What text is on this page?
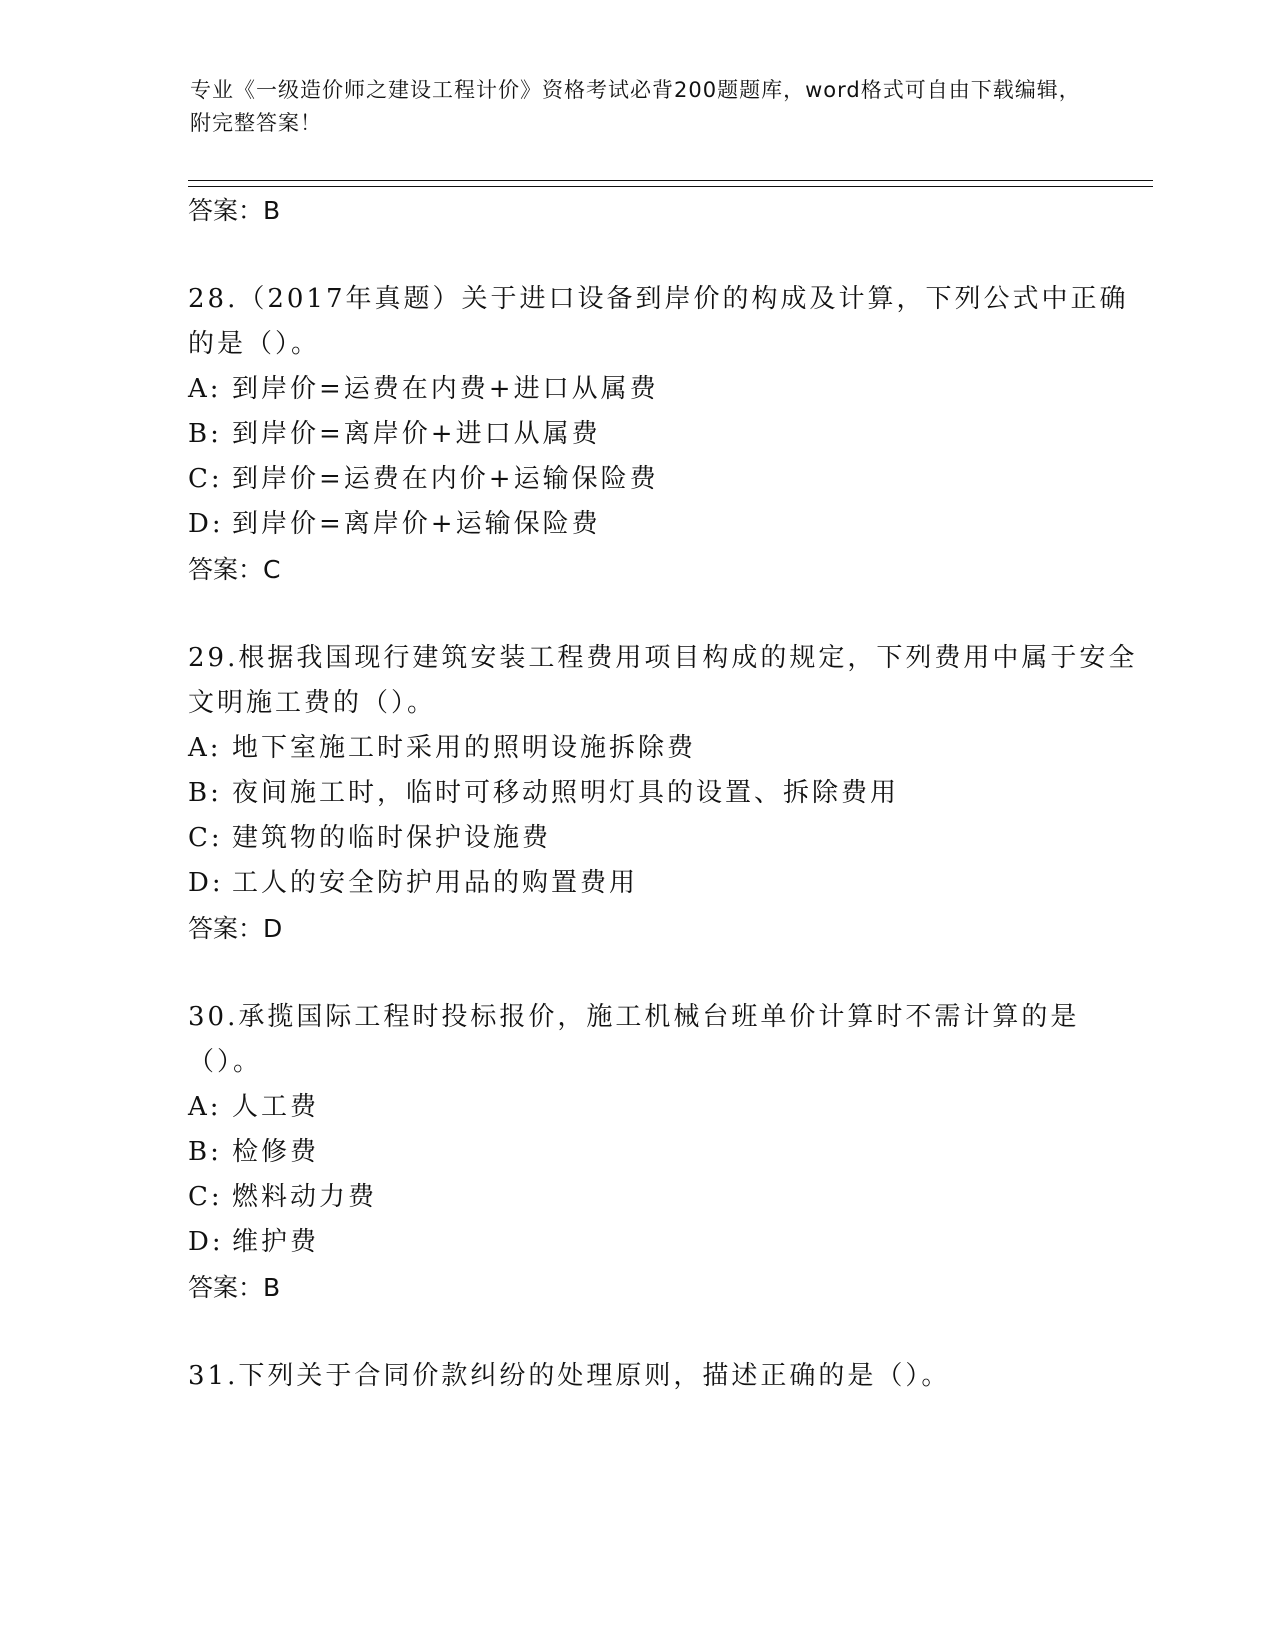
专业《一级造价师之建设工程计价》资格考试必背200题题库，word格式可自由下载编辑，附完整答案！
答案：B
28.（2017年真题）关于进口设备到岸价的构成及计算，下列公式中正确的是（）。
A: 到岸价=运费在内费+进口从属费
B: 到岸价=离岸价+进口从属费
C: 到岸价=运费在内价+运输保险费
D: 到岸价=离岸价+运输保险费
答案：C
29.根据我国现行建筑安装工程费用项目构成的规定，下列费用中属于安全文明施工费的（）。
A: 地下室施工时采用的照明设施拆除费
B: 夜间施工时，临时可移动照明灯具的设置、拆除费用
C: 建筑物的临时保护设施费
D: 工人的安全防护用品的购置费用
答案：D
30.承揽国际工程时投标报价，施工机械台班单价计算时不需计算的是（）。
A: 人工费
B: 检修费
C: 燃料动力费
D: 维护费
答案：B
31.下列关于合同价款纠纷的处理原则，描述正确的是（）。
